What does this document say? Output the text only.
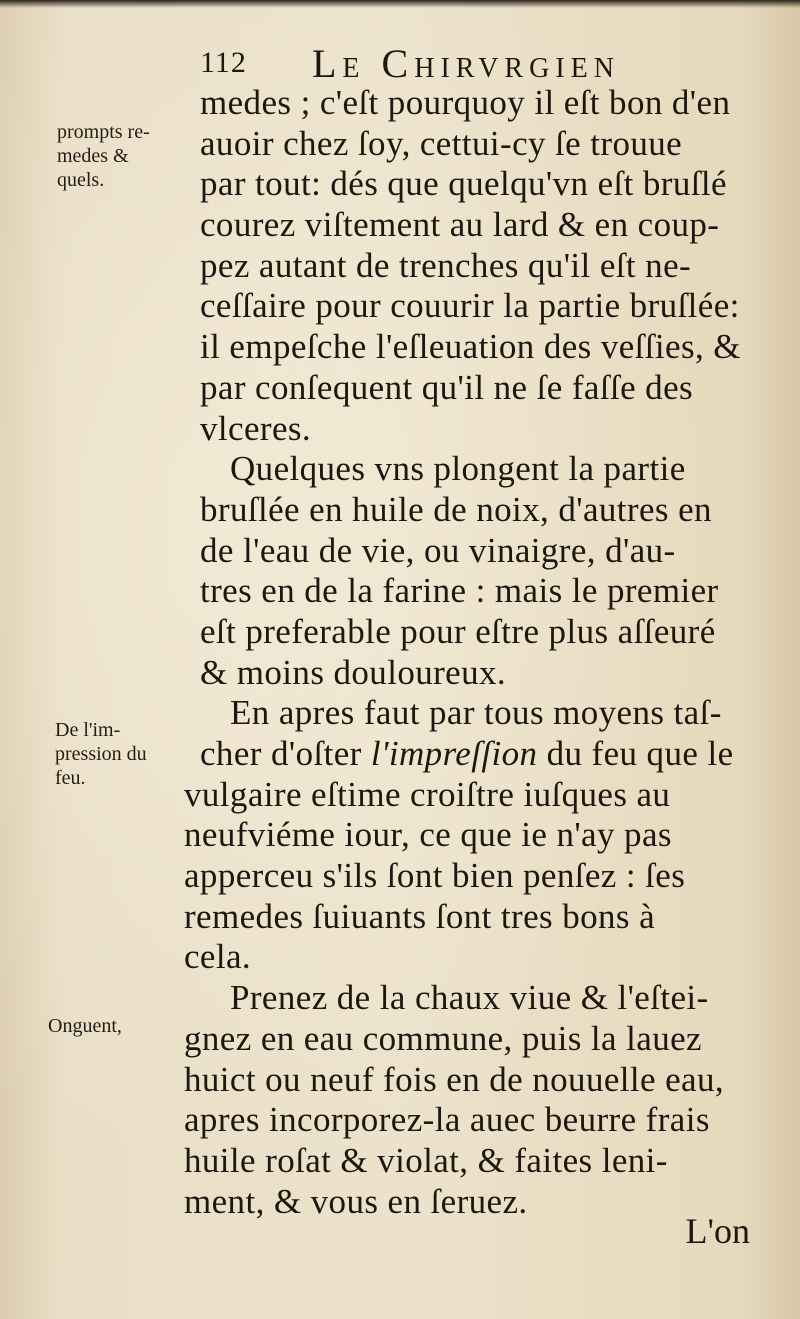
112 Le Chirvrgien
prompts re-
medes &
quels.
De l'im-
pression du
feu.
Onguent,
medes ; c'eſt pourquoy il eſt bon d'en
auoir chez ſoy, cettui-cy ſe trouue
par tout: dés que quelqu'vn eſt bruſlé
courez viſtement au lard & en coup-
pez autant de trenches qu'il eſt ne-
ceſſaire pour couurir la partie bruſlée:
il empeſche l'eſleuation des veſſies, &
par conſequent qu'il ne ſe faſſe des
vlceres.
Quelques vns plongent la partie
bruſlée en huile de noix, d'autres en
de l'eau de vie, ou vinaigre, d'au-
tres en de la farine : mais le premier
eſt preferable pour eſtre plus aſſeuré
& moins douloureux.
En apres faut par tous moyens taſ-
cher d'oſter l'impreſſion du feu que le
vulgaire eſtime croiſtre iuſques au
neufviéme iour, ce que ie n'ay pas
apperceu s'ils ſont bien penſez : ſes
remedes ſuiuants ſont tres bons à
cela.
Prenez de la chaux viue & l'eſtei-
gnez en eau commune, puis la lauez
huict ou neuf fois en de nouuelle eau,
apres incorporez-la auec beurre frais
huile roſat & violat, & faites leni-
ment, & vous en ſeruez.
L'on
